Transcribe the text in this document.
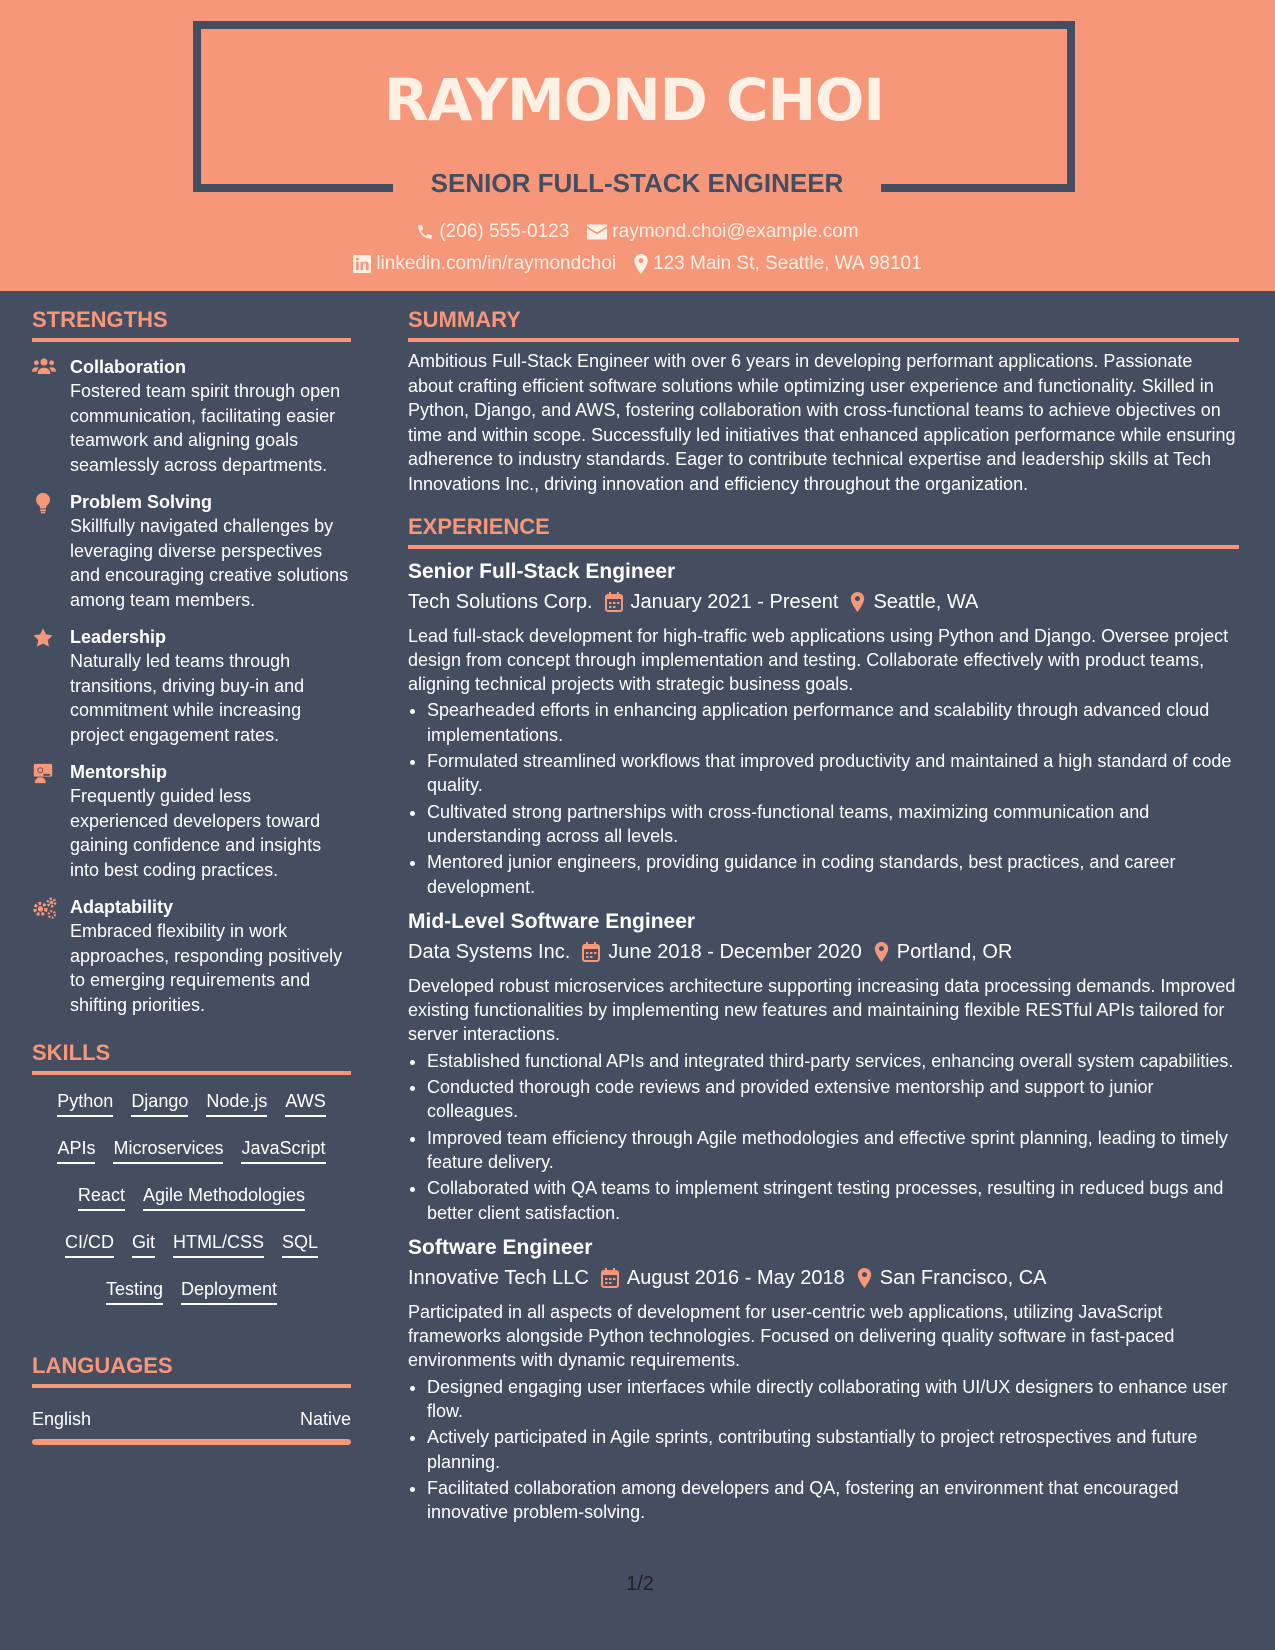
RAYMOND CHOI
SENIOR FULL-STACK ENGINEER
(206) 555-0123 raymond.choi@example.com
linkedin.com/in/raymondchoi 123 Main St, Seattle, WA 98101
STRENGTHS
Collaboration
Fostered team spirit through open communication, facilitating easier teamwork and aligning goals seamlessly across departments.
Problem Solving
Skillfully navigated challenges by leveraging diverse perspectives and encouraging creative solutions among team members.
Leadership
Naturally led teams through transitions, driving buy-in and commitment while increasing project engagement rates.
Mentorship
Frequently guided less experienced developers toward gaining confidence and insights into best coding practices.
Adaptability
Embraced flexibility in work approaches, responding positively to emerging requirements and shifting priorities.
SKILLS
Python Django Node.js AWS
APIs Microservices JavaScript
React Agile Methodologies
CI/CD Git HTML/CSS SQL
Testing Deployment
LANGUAGES
English	Native
SUMMARY
Ambitious Full-Stack Engineer with over 6 years in developing performant applications. Passionate about crafting efficient software solutions while optimizing user experience and functionality. Skilled in Python, Django, and AWS, fostering collaboration with cross-functional teams to achieve objectives on time and within scope. Successfully led initiatives that enhanced application performance while ensuring adherence to industry standards. Eager to contribute technical expertise and leadership skills at Tech Innovations Inc., driving innovation and efficiency throughout the organization.
EXPERIENCE
Senior Full-Stack Engineer
Tech Solutions Corp. January 2021 - Present Seattle, WA
Lead full-stack development for high-traffic web applications using Python and Django. Oversee project design from concept through implementation and testing. Collaborate effectively with product teams, aligning technical projects with strategic business goals.
• Spearheaded efforts in enhancing application performance and scalability through advanced cloud implementations.
• Formulated streamlined workflows that improved productivity and maintained a high standard of code quality.
• Cultivated strong partnerships with cross-functional teams, maximizing communication and understanding across all levels.
• Mentored junior engineers, providing guidance in coding standards, best practices, and career development.
Mid-Level Software Engineer
Data Systems Inc. June 2018 - December 2020 Portland, OR
Developed robust microservices architecture supporting increasing data processing demands. Improved existing functionalities by implementing new features and maintaining flexible RESTful APIs tailored for server interactions.
• Established functional APIs and integrated third-party services, enhancing overall system capabilities.
• Conducted thorough code reviews and provided extensive mentorship and support to junior colleagues.
• Improved team efficiency through Agile methodologies and effective sprint planning, leading to timely feature delivery.
• Collaborated with QA teams to implement stringent testing processes, resulting in reduced bugs and better client satisfaction.
Software Engineer
Innovative Tech LLC August 2016 - May 2018 San Francisco, CA
Participated in all aspects of development for user-centric web applications, utilizing JavaScript frameworks alongside Python technologies. Focused on delivering quality software in fast-paced environments with dynamic requirements.
• Designed engaging user interfaces while directly collaborating with UI/UX designers to enhance user flow.
• Actively participated in Agile sprints, contributing substantially to project retrospectives and future planning.
• Facilitated collaboration among developers and QA, fostering an environment that encouraged innovative problem-solving.
1/2
